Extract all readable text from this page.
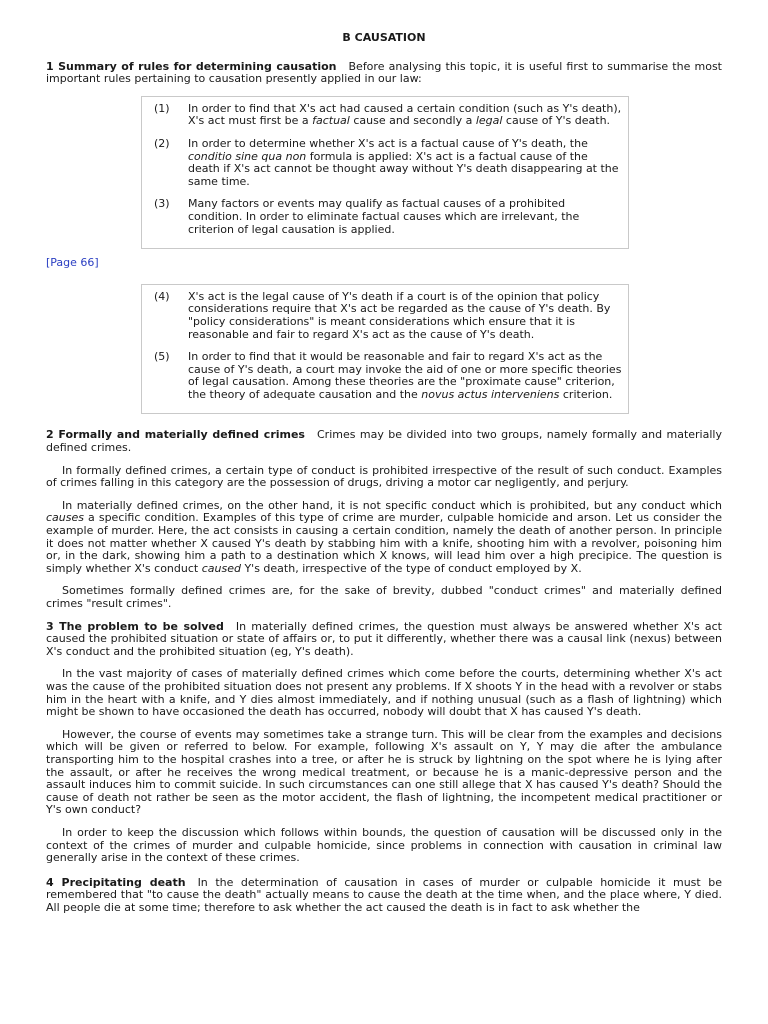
B CAUSATION

1 Summary of rules for determining causation Before analysing this topic, it is useful first to summarise the most important rules pertaining to causation presently applied in our law:

(1)	In order to find that X's act had caused a certain condition (such as Y's death), X's act must first be a factual cause and secondly a legal cause of Y's death.
(2)	In order to determine whether X's act is a factual cause of Y's death, the conditio sine qua non formula is applied: X's act is a factual cause of the death if X's act cannot be thought away without Y's death disappearing at the same time.
(3)	Many factors or events may qualify as factual causes of a prohibited condition. In order to eliminate factual causes which are irrelevant, the criterion of legal causation is applied.
[Page 66]
(4)	X's act is the legal cause of Y's death if a court is of the opinion that policy considerations require that X's act be regarded as the cause of Y's death. By "policy considerations" is meant considerations which ensure that it is reasonable and fair to regard X's act as the cause of Y's death.
(5)	In order to find that it would be reasonable and fair to regard X's act as the cause of Y's death, a court may invoke the aid of one or more specific theories of legal causation. Among these theories are the "proximate cause" criterion, the theory of adequate causation and the novus actus interveniens criterion.

2 Formally and materially defined crimes Crimes may be divided into two groups, namely formally and materially defined crimes.

In formally defined crimes, a certain type of conduct is prohibited irrespective of the result of such conduct. Examples of crimes falling in this category are the possession of drugs, driving a motor car negligently, and perjury.

In materially defined crimes, on the other hand, it is not specific conduct which is prohibited, but any conduct which causes a specific condition. Examples of this type of crime are murder, culpable homicide and arson. Let us consider the example of murder. Here, the act consists in causing a certain condition, namely the death of another person. In principle it does not matter whether X caused Y's death by stabbing him with a knife, shooting him with a revolver, poisoning him or, in the dark, showing him a path to a destination which X knows, will lead him over a high precipice. The question is simply whether X's conduct caused Y's death, irrespective of the type of conduct employed by X.

Sometimes formally defined crimes are, for the sake of brevity, dubbed "conduct crimes" and materially defined crimes "result crimes".

3 The problem to be solved In materially defined crimes, the question must always be answered whether X's act caused the prohibited situation or state of affairs or, to put it differently, whether there was a causal link (nexus) between X's conduct and the prohibited situation (eg, Y's death).

In the vast majority of cases of materially defined crimes which come before the courts, determining whether X's act was the cause of the prohibited situation does not present any problems. If X shoots Y in the head with a revolver or stabs him in the heart with a knife, and Y dies almost immediately, and if nothing unusual (such as a flash of lightning) which might be shown to have occasioned the death has occurred, nobody will doubt that X has caused Y's death.

However, the course of events may sometimes take a strange turn. This will be clear from the examples and decisions which will be given or referred to below. For example, following X's assault on Y, Y may die after the ambulance transporting him to the hospital crashes into a tree, or after he is struck by lightning on the spot where he is lying after the assault, or after he receives the wrong medical treatment, or because he is a manic-depressive person and the assault induces him to commit suicide. In such circumstances can one still allege that X has caused Y's death? Should the cause of death not rather be seen as the motor accident, the flash of lightning, the incompetent medical practitioner or Y's own conduct?

In order to keep the discussion which follows within bounds, the question of causation will be discussed only in the context of the crimes of murder and culpable homicide, since problems in connection with causation in criminal law generally arise in the context of these crimes.

4 Precipitating death In the determination of causation in cases of murder or culpable homicide it must be remembered that "to cause the death" actually means to cause the death at the time when, and the place where, Y died. All people die at some time; therefore to ask whether the act caused the death is in fact to ask whether the
